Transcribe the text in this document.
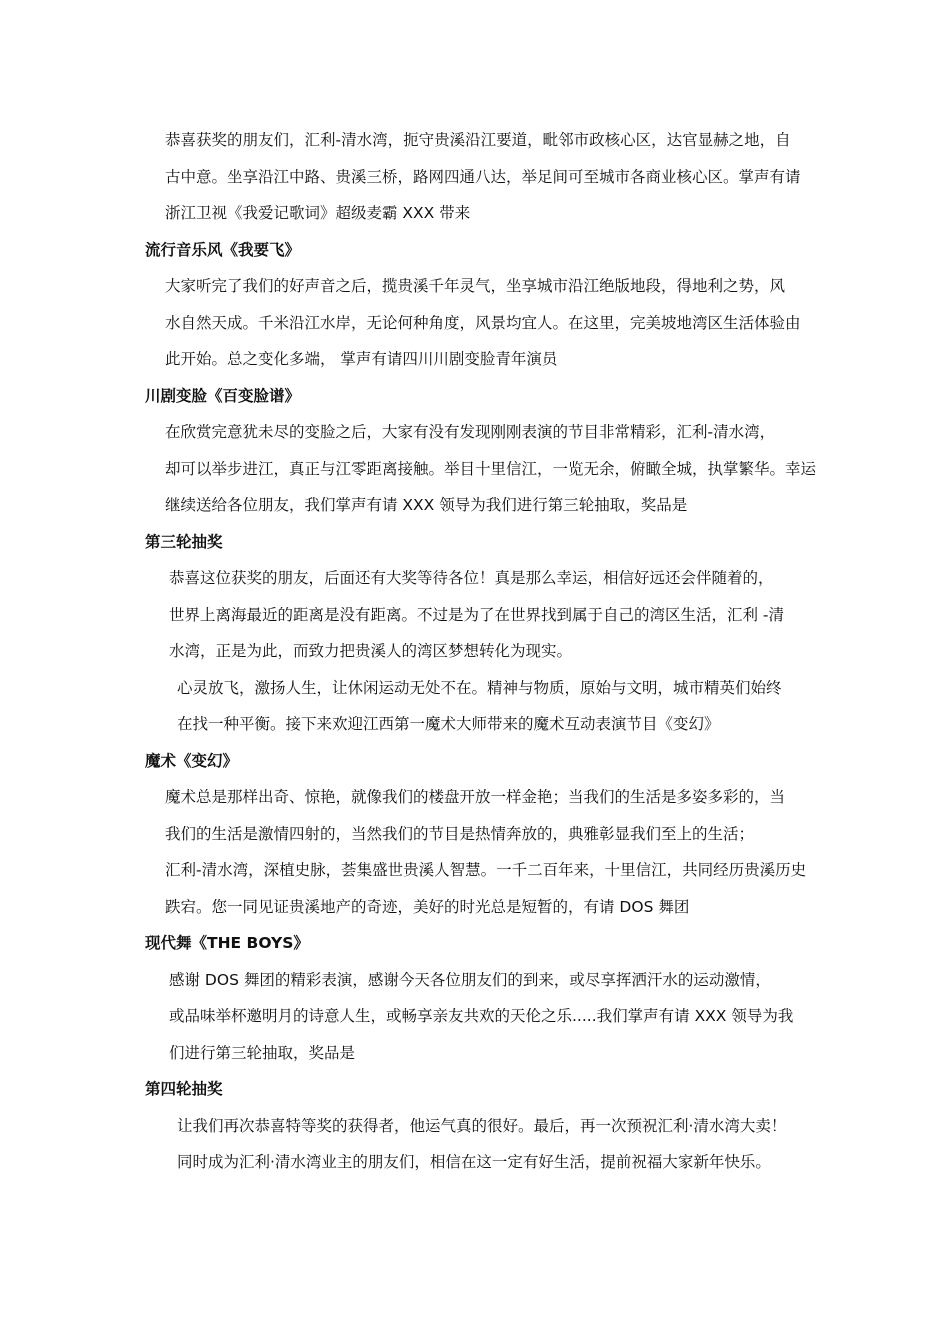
恭喜获奖的朋友们，汇利-清水湾，扼守贵溪沿江要道，毗邻市政核心区，达官显赫之地，自
古中意。坐享沿江中路、贵溪三桥，路网四通八达，举足间可至城市各商业核心区。掌声有请
浙江卫视《我爱记歌词》超级麦霸 XXX 带来
流行音乐风《我要飞》
大家听完了我们的好声音之后，揽贵溪千年灵气，坐享城市沿江绝版地段，得地利之势，风
水自然天成。千米沿江水岸，无论何种角度，风景均宜人。在这里，完美坡地湾区生活体验由
此开始。总之变化多端， 掌声有请四川川剧变脸青年演员
川剧变脸《百变脸谱》
在欣赏完意犹未尽的变脸之后，大家有没有发现刚刚表演的节目非常精彩，汇利-清水湾，
却可以举步进江，真正与江零距离接触。举目十里信江，一览无余，俯瞰全城，执掌繁华。幸运
继续送给各位朋友，我们掌声有请 XXX 领导为我们进行第三轮抽取，奖品是
第三轮抽奖
恭喜这位获奖的朋友，后面还有大奖等待各位！真是那么幸运，相信好远还会伴随着的，
世界上离海最近的距离是没有距离。不过是为了在世界找到属于自己的湾区生活，汇利 -清
水湾，正是为此，而致力把贵溪人的湾区梦想转化为现实。
心灵放飞，激扬人生，让休闲运动无处不在。精神与物质，原始与文明，城市精英们始终
在找一种平衡。接下来欢迎江西第一魔术大师带来的魔术互动表演节目《变幻》
魔术《变幻》
魔术总是那样出奇、惊艳，就像我们的楼盘开放一样金艳；当我们的生活是多姿多彩的，当
我们的生活是激情四射的，当然我们的节目是热情奔放的，典雅彰显我们至上的生活；
汇利-清水湾，深植史脉，荟集盛世贵溪人智慧。一千二百年来，十里信江，共同经历贵溪历史
跌宕。您一同见证贵溪地产的奇迹，美好的时光总是短暂的，有请 DOS 舞团
现代舞《THE BOYS》
感谢 DOS 舞团的精彩表演，感谢今天各位朋友们的到来，或尽享挥洒汗水的运动激情，
或品味举杯邀明月的诗意人生，或畅享亲友共欢的天伦之乐.....我们掌声有请 XXX 领导为我
们进行第三轮抽取，奖品是
第四轮抽奖
让我们再次恭喜特等奖的获得者，他运气真的很好。最后，再一次预祝汇利·清水湾大卖！
同时成为汇利·清水湾业主的朋友们，相信在这一定有好生活，提前祝福大家新年快乐。
